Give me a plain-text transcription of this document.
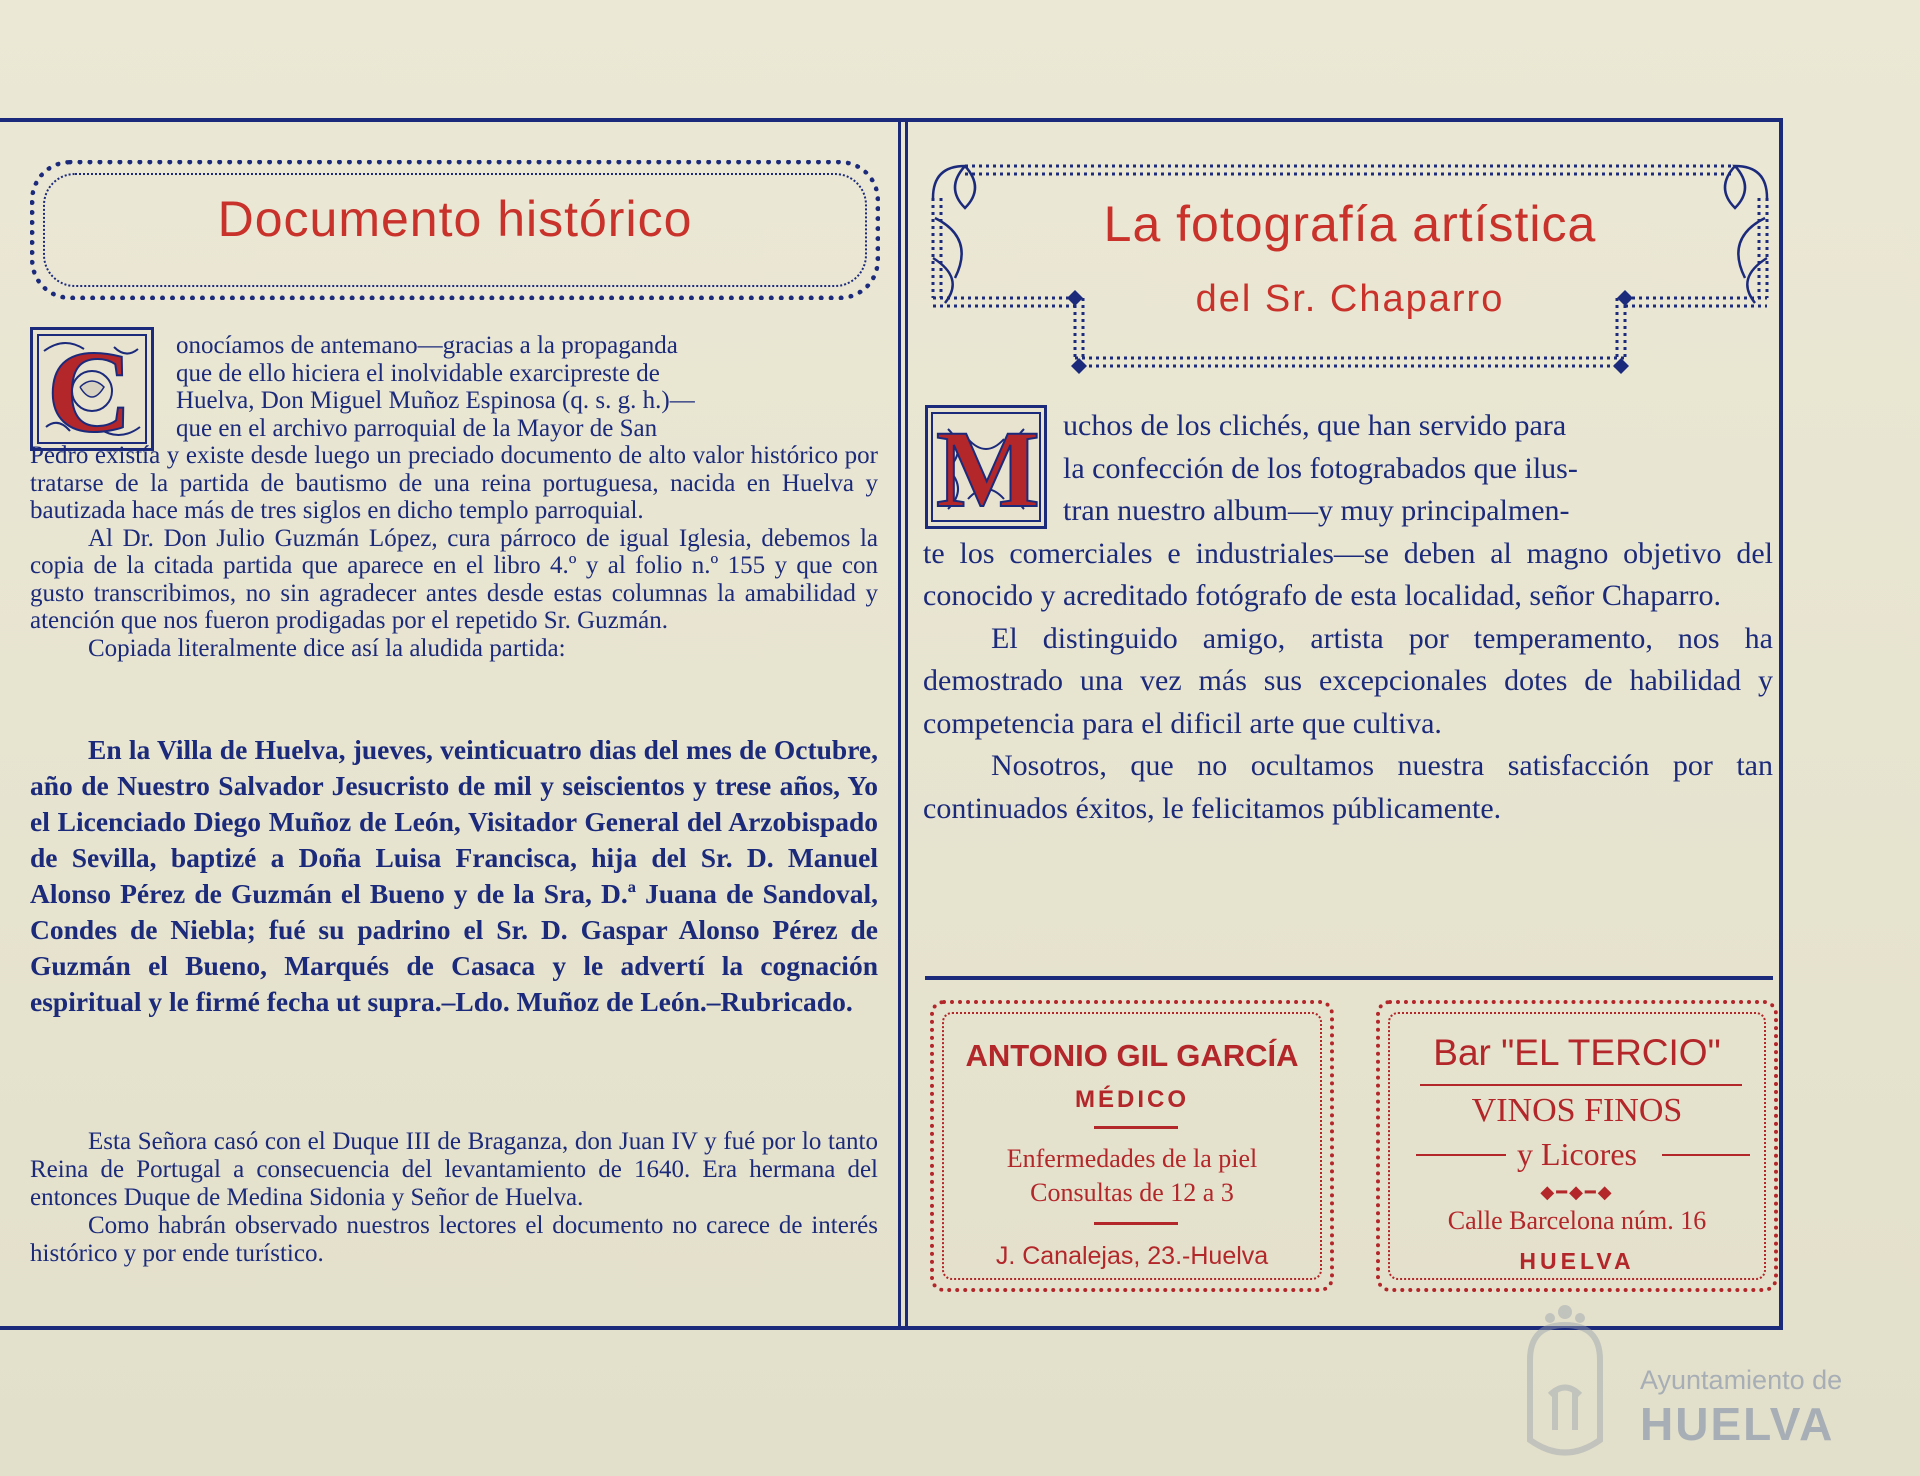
Documento histórico
C onocíamos de antemano—gracias a la propaganda

que de ello hiciera el inolvidable exarcipreste de

Huelva, Don Miguel Muñoz Espinosa (q. s. g. h.)—

que en el archivo parroquial de la Mayor de San

Pedro existía y existe desde luego un preciado documento de alto valor histórico por tratarse de la partida de bautismo de una reina portuguesa, nacida en Huelva y bautizada hace más de tres siglos en dicho templo parroquial.

Al Dr. Don Julio Guzmán López, cura párroco de igual Iglesia, debemos la copia de la citada partida que aparece en el libro 4.º y al folio n.º 155 y que con gusto transcribimos, no sin agradecer antes desde estas columnas la amabilidad y atención que nos fueron prodigadas por el repetido Sr. Guzmán.

Copiada literalmente dice así la aludida partida:

En la Villa de Huelva, jueves, veinticuatro dias del mes de Octubre, año de Nuestro Salvador Jesucristo de mil y seiscientos y trese años, Yo el Licenciado Diego Muñoz de León, Visitador General del Arzobispado de Sevilla, baptizé a Doña Luisa Francisca, hija del Sr. D. Manuel Alonso Pérez de Guzmán el Bueno y de la Sra, D.ª Juana de Sandoval, Condes de Niebla; fué su padrino el Sr. D. Gaspar Alonso Pérez de Guzmán el Bueno, Marqués de Casaca y le advertí la cognación espiritual y le firmé fecha ut supra.–Ldo. Muñoz de León.–Rubricado.

Esta Señora casó con el Duque III de Braganza, don Juan IV y fué por lo tanto Reina de Portugal a consecuencia del levantamiento de 1640. Era hermana del entonces Duque de Medina Sidonia y Señor de Huelva.

Como habrán observado nuestros lectores el documento no carece de interés histórico y por ende turístico.

La fotografía artística
del Sr. Chaparro
M uchos de los clichés, que han servido para

la confección de los fotograbados que ilus-

tran nuestro album—y muy principalmen-

te los comerciales e industriales—se deben al magno objetivo del conocido y acreditado fotógrafo de esta localidad, señor Chaparro.

El distinguido amigo, artista por temperamento, nos ha demostrado una vez más sus excepcionales dotes de habilidad y competencia para el dificil arte que cultiva.

Nosotros, que no ocultamos nuestra satisfacción por tan continuados éxitos, le felicitamos públicamente.

ANTONIO GIL GARCÍA
MÉDICO
Enfermedades de la piel
Consultas de 12 a 3
J. Canalejas, 23.-Huelva
Bar "EL TERCIO"
VINOS FINOS
y Licores
◆━◆━◆
Calle Barcelona núm. 16
HUELVA
Ayuntamiento de
HUELVA
